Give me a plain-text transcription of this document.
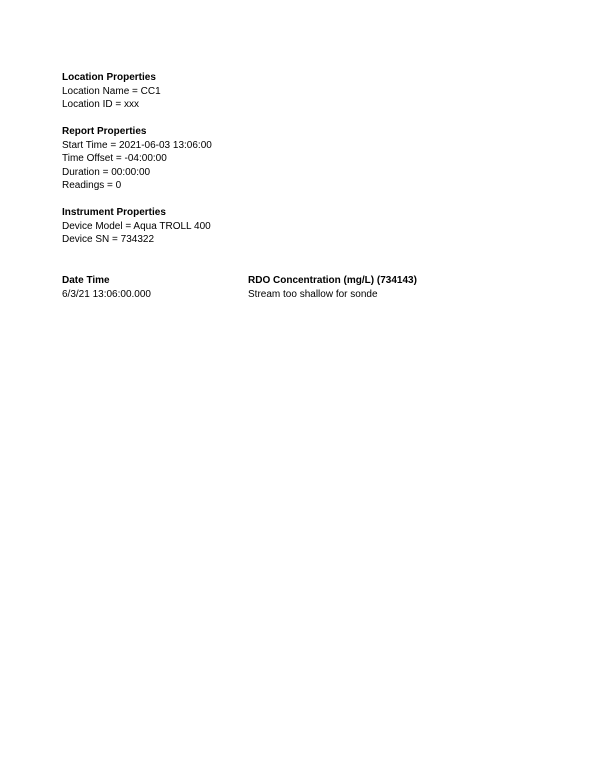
Location Properties
Location Name = CC1
Location ID = xxx
Report Properties
Start Time = 2021-06-03 13:06:00
Time Offset = -04:00:00
Duration = 00:00:00
Readings = 0
Instrument Properties
Device Model = Aqua TROLL 400
Device SN = 734322
Date Time	RDO Concentration (mg/L) (734143)
6/3/21 13:06:00.000	Stream too shallow for sonde
